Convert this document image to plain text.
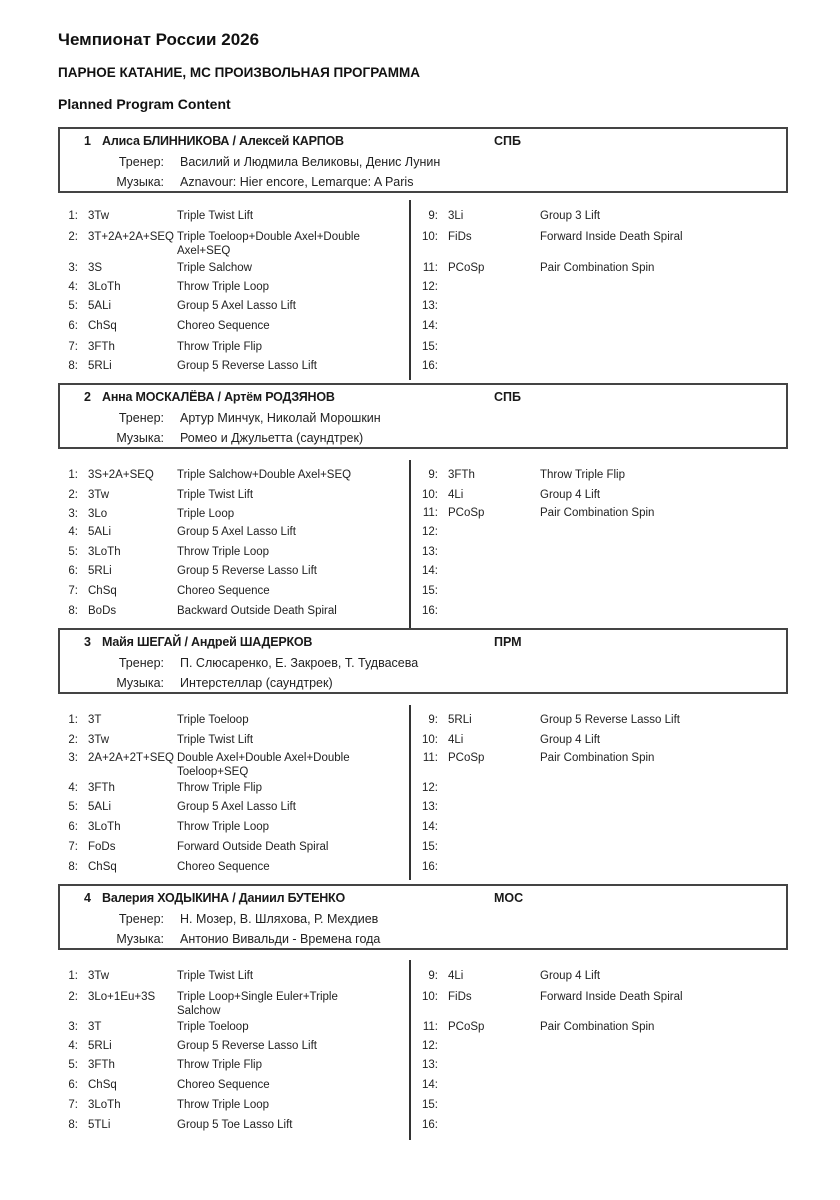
Чемпионат России 2026
ПАРНОЕ КАТАНИЕ, МС ПРОИЗВОЛЬНАЯ ПРОГРАММА
Planned Program Content
1 Алиса БЛИННИКОВА / Алексей КАРПОВ	СПБ
Тренер: Василий и Людмила Великовы, Денис Лунин
Музыка: Aznavour: Hier encore, Lemarque: A Paris
1: 3Tw	Triple Twist Lift
2: 3T+2A+2A+SEQ Triple Toeloop+Double Axel+Double Axel+SEQ
3: 3S	Triple Salchow
4: 3LoTh	Throw Triple Loop
5: 5ALi	Group 5 Axel Lasso Lift
6: ChSq	Choreo Sequence
7: 3FTh	Throw Triple Flip
8: 5RLi	Group 5 Reverse Lasso Lift
9: 3Li	Group 3 Lift
10: FiDs	Forward Inside Death Spiral
11: PCoSp	Pair Combination Spin
12:
13:
14:
15:
16:
2 Анна МОСКАЛЁВА / Артём РОДЗЯНОВ	СПБ
Тренер: Артур Минчук, Николай Морошкин
Музыка: Ромео и Джульетта (саундтрек)
1: 3S+2A+SEQ	Triple Salchow+Double Axel+SEQ
2: 3Tw	Triple Twist Lift
3: 3Lo	Triple Loop
4: 5ALi	Group 5 Axel Lasso Lift
5: 3LoTh	Throw Triple Loop
6: 5RLi	Group 5 Reverse Lasso Lift
7: ChSq	Choreo Sequence
8: BoDs	Backward Outside Death Spiral
9: 3FTh	Throw Triple Flip
10: 4Li	Group 4 Lift
11: PCoSp	Pair Combination Spin
12:
13:
14:
15:
16:
3 Майя ШЕГАЙ / Андрей ШАДЕРКОВ	ПРМ
Тренер: П. Слюсаренко, Е. Закроев, Т. Тудвасева
Музыка: Интерстеллар (саундтрек)
1: 3T	Triple Toeloop
2: 3Tw	Triple Twist Lift
3: 2A+2A+2T+SEQ Double Axel+Double Axel+Double Toeloop+SEQ
4: 3FTh	Throw Triple Flip
5: 5ALi	Group 5 Axel Lasso Lift
6: 3LoTh	Throw Triple Loop
7: FoDs	Forward Outside Death Spiral
8: ChSq	Choreo Sequence
9: 5RLi	Group 5 Reverse Lasso Lift
10: 4Li	Group 4 Lift
11: PCoSp	Pair Combination Spin
12:
13:
14:
15:
16:
4 Валерия ХОДЫКИНА / Даниил БУТЕНКО	МОС
Тренер: Н. Мозер, В. Шляхова, Р. Мехдиев
Музыка: Антонио Вивальди - Времена года
1: 3Tw	Triple Twist Lift
2: 3Lo+1Eu+3S	Triple Loop+Single Euler+Triple Salchow
3: 3T	Triple Toeloop
4: 5RLi	Group 5 Reverse Lasso Lift
5: 3FTh	Throw Triple Flip
6: ChSq	Choreo Sequence
7: 3LoTh	Throw Triple Loop
8: 5TLi	Group 5 Toe Lasso Lift
9: 4Li	Group 4 Lift
10: FiDs	Forward Inside Death Spiral
11: PCoSp	Pair Combination Spin
12:
13:
14:
15:
16:
